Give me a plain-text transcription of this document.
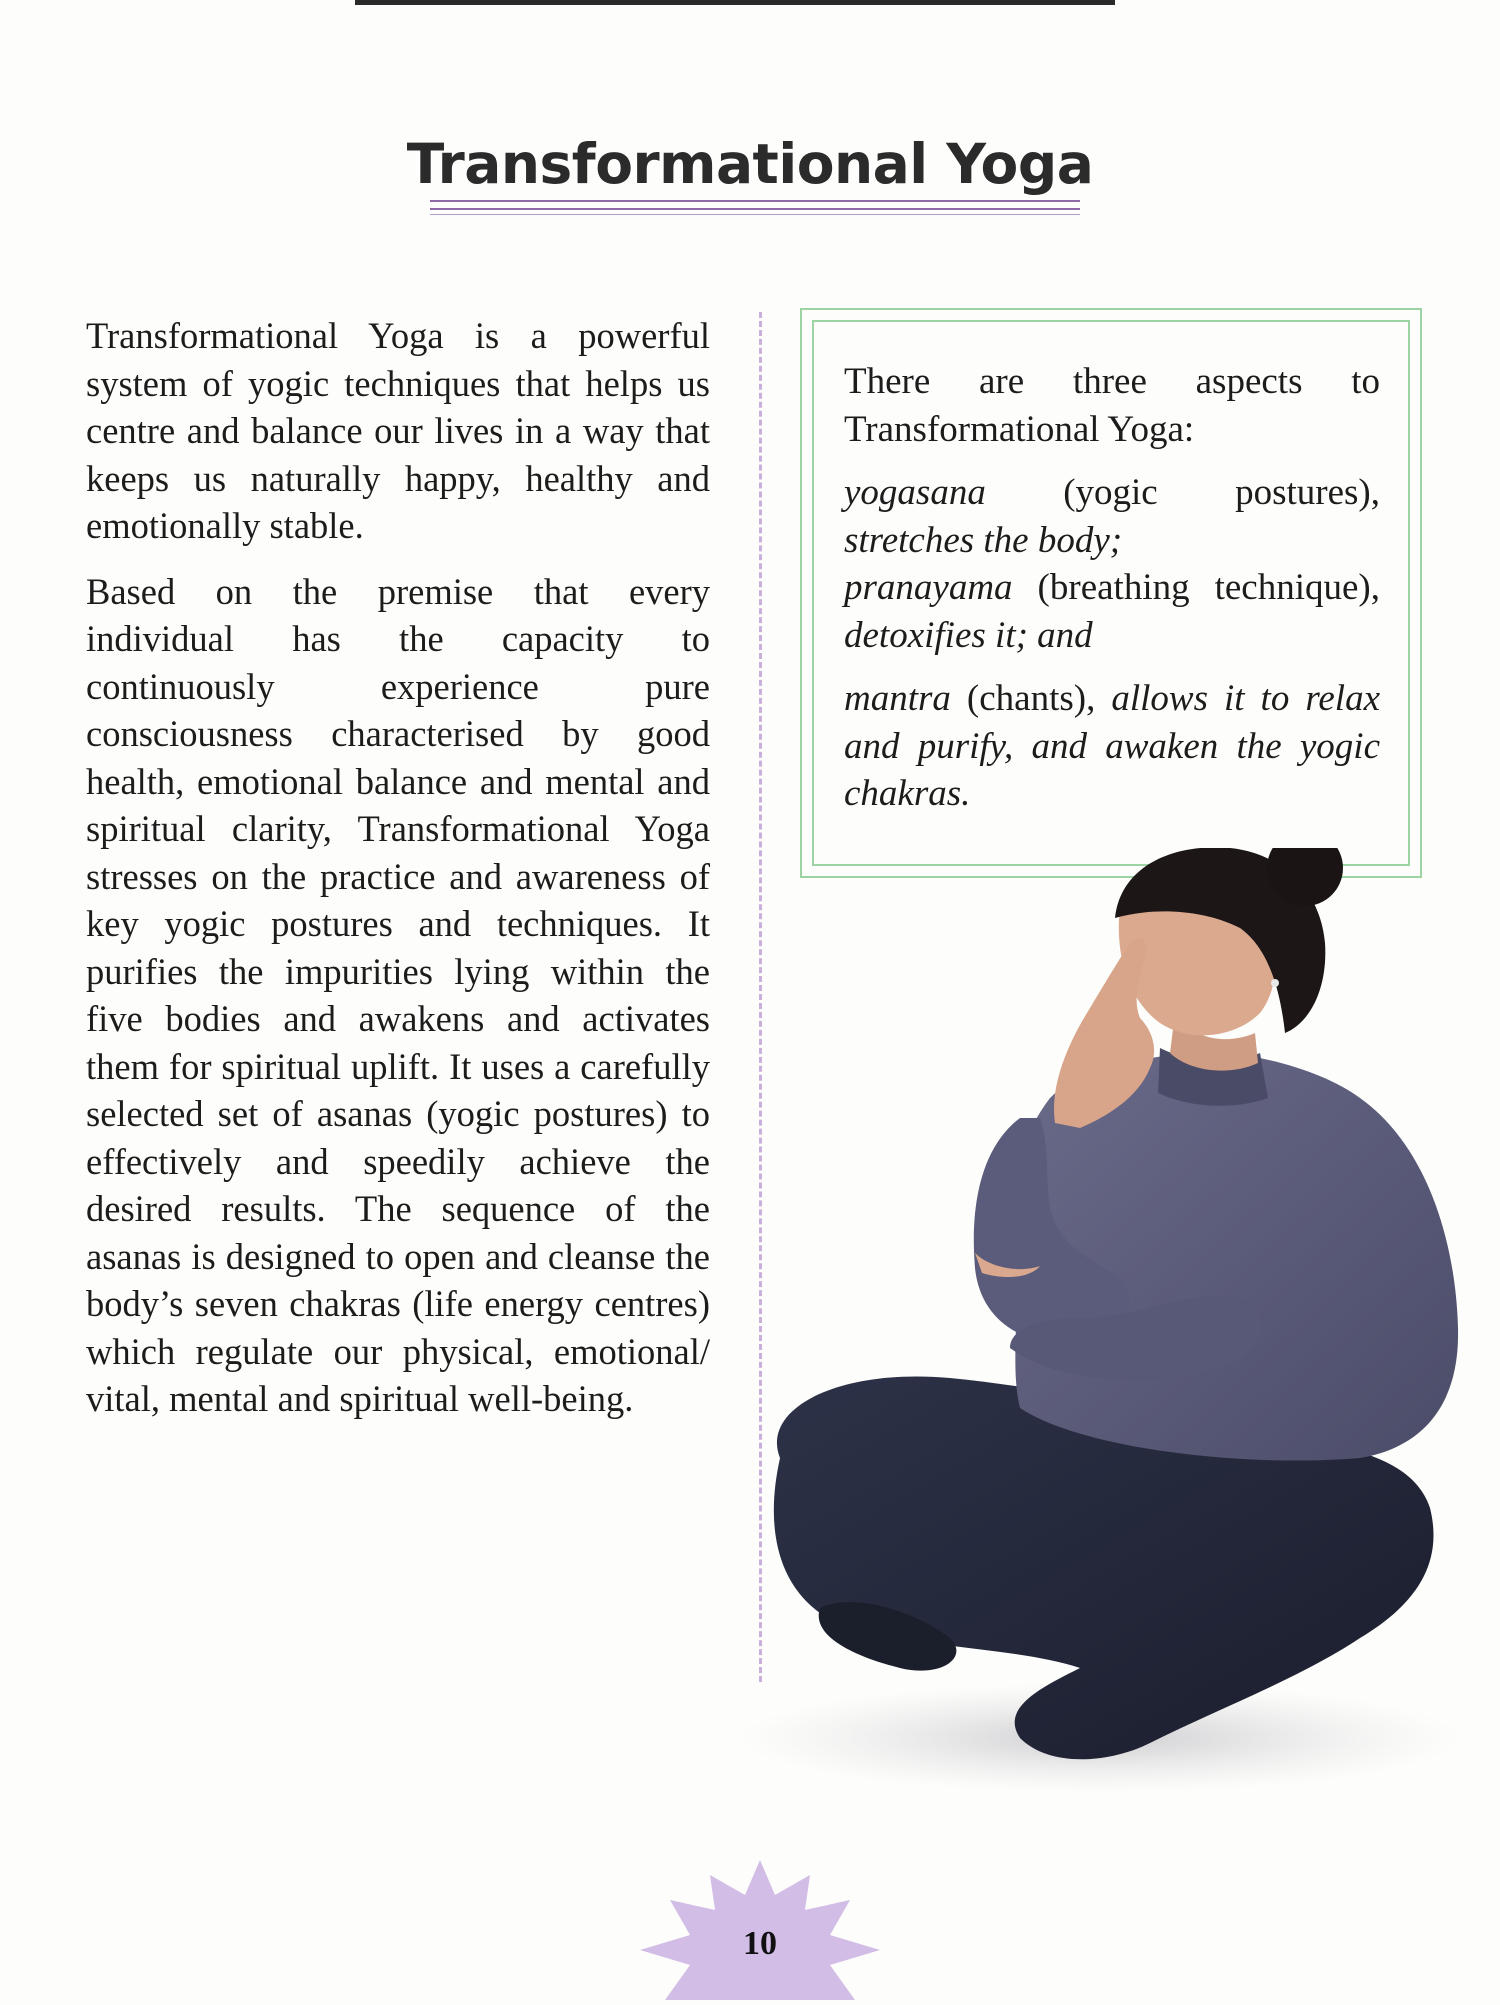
Transformational Yoga

Transformational Yoga is a powerful system of yogic techniques that helps us centre and balance our lives in a way that keeps us naturally happy, healthy and emotionally stable.

Based on the premise that every individual has the capacity to continuously experience pure consciousness characterised by good health, emotional balance and mental and spiritual clarity, Transformational Yoga stresses on the practice and awareness of key yogic postures and techniques. It purifies the impurities lying within the five bodies and awakens and activates them for spiritual uplift. It uses a carefully selected set of asanas (yogic postures) to effectively and speedily achieve the desired results. The sequence of the asanas is designed to open and cleanse the body’s seven chakras (life energy centres) which regulate our physical, emotional/ vital, mental and spiritual well-being.

There are three aspects to Transformational Yoga:

yogasana (yogic postures), stretches the body;
pranayama (breathing technique), detoxifies it; and

mantra (chants), allows it to relax and purify, and awaken the yogic chakras.

10
